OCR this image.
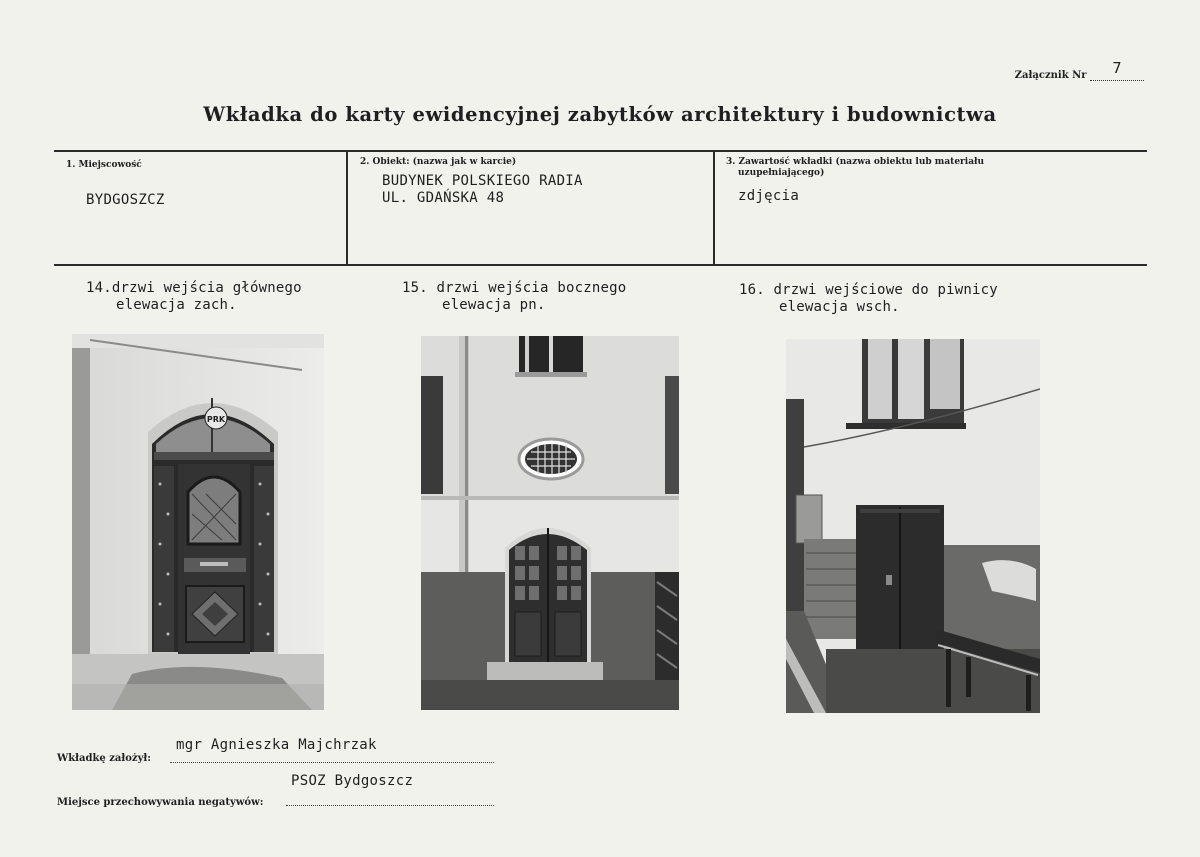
Załącznik Nr 7
Wkładka do karty ewidencyjnej zabytków architektury i budownictwa
1. Miejscowość
BYDGOSZCZ
2. Obiekt: (nazwa jak w karcie)
BUDYNEK POLSKIEGO RADIA
UL. GDAŃSKA 48
3. Zawartość wkładki (nazwa obiektu lub materiału
uzupełniającego)
zdjęcia
14.drzwi wejścia głównego
elewacja zach.
15. drzwi wejścia bocznego
elewacja pn.
16. drzwi wejściowe do piwnicy
elewacja wsch.
PRK
Wkładkę założył:
mgr Agnieszka Majchrzak
Miejsce przechowywania negatywów:
PSOZ Bydgoszcz
